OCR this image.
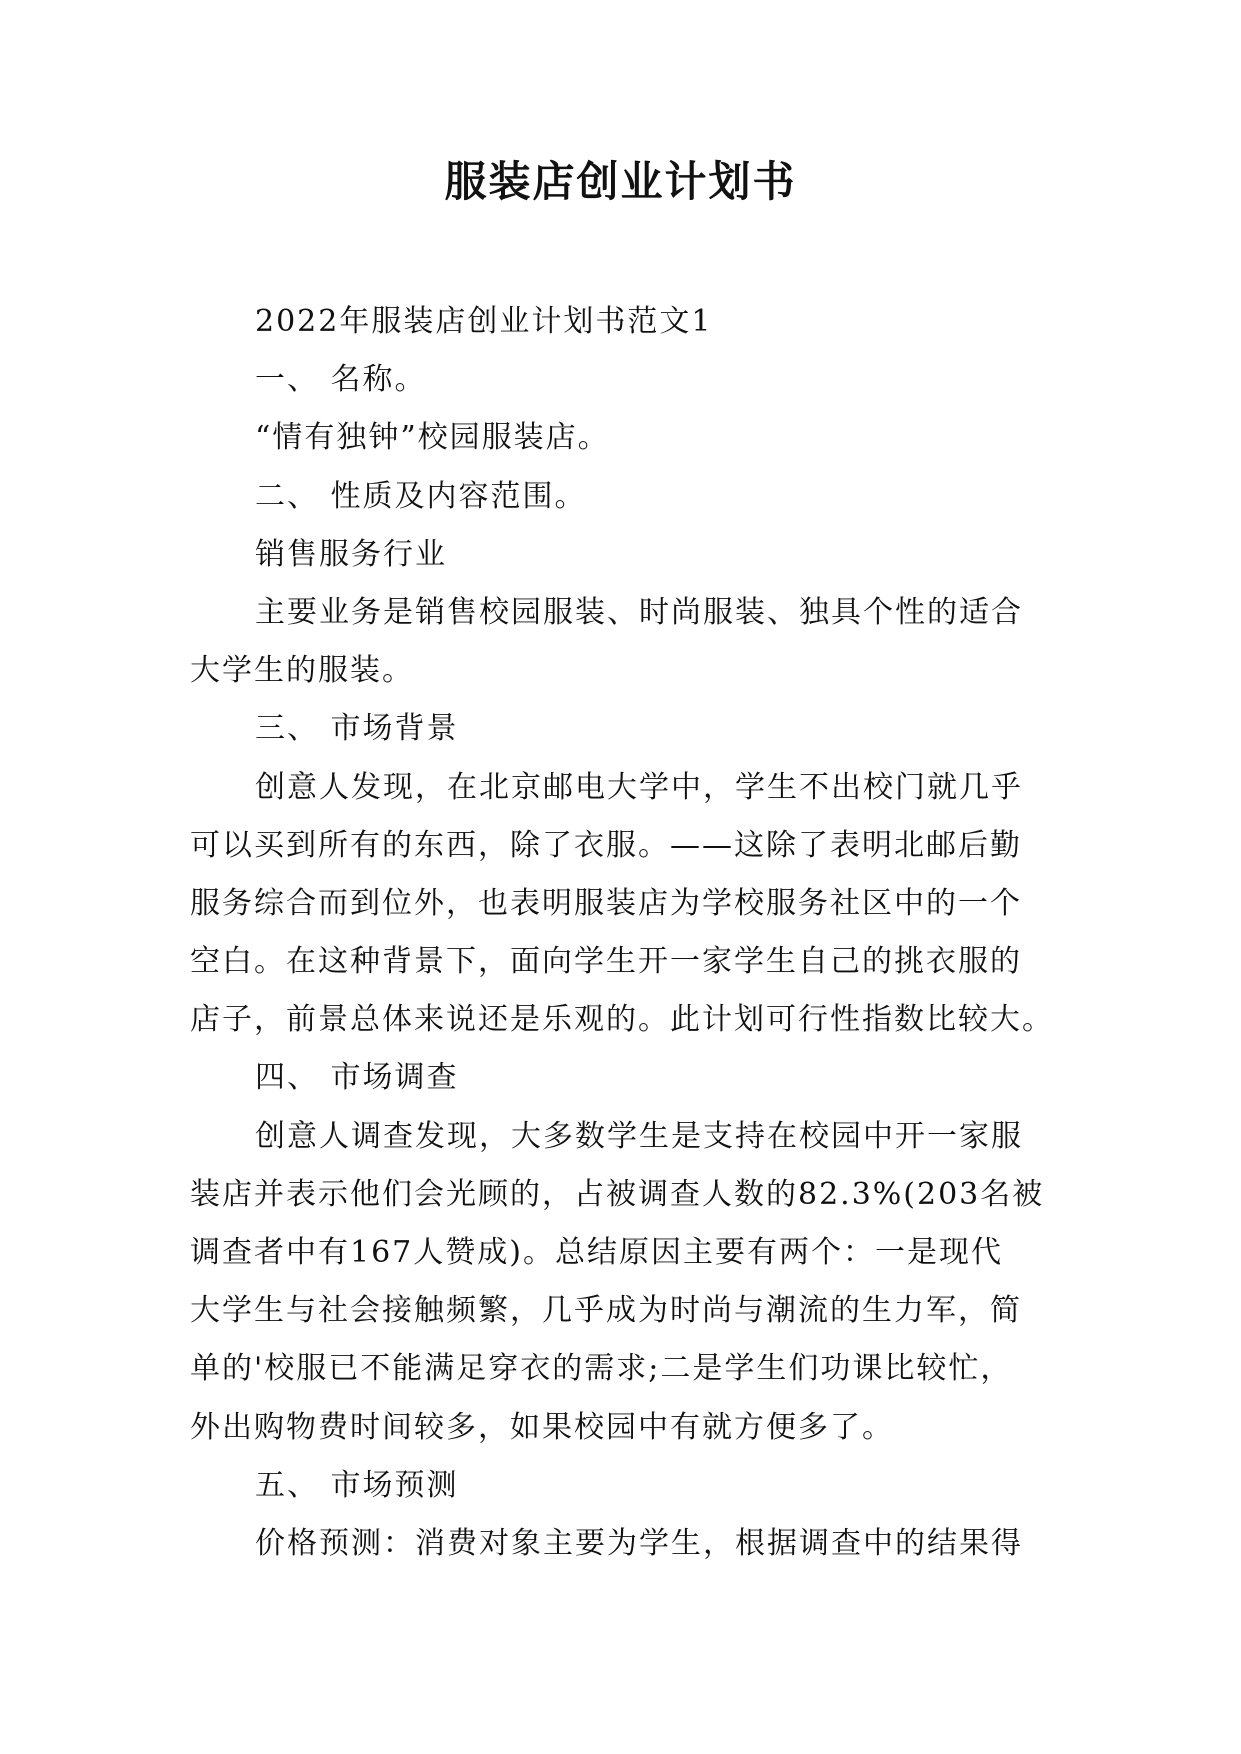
服装店创业计划书
2022年服装店创业计划书范文1
一、 名称。
“情有独钟”校园服装店。
二、 性质及内容范围。
销售服务行业
主要业务是销售校园服装、时尚服装、独具个性的适合
大学生的服装。
三、 市场背景
创意人发现，在北京邮电大学中，学生不出校门就几乎
可以买到所有的东西，除了衣服。——这除了表明北邮后勤
服务综合而到位外，也表明服装店为学校服务社区中的一个
空白。在这种背景下，面向学生开一家学生自己的挑衣服的
店子，前景总体来说还是乐观的。此计划可行性指数比较大。
四、 市场调查
创意人调查发现，大多数学生是支持在校园中开一家服
装店并表示他们会光顾的，占被调查人数的82.3%(203名被
调查者中有167人赞成)。总结原因主要有两个：一是现代
大学生与社会接触频繁，几乎成为时尚与潮流的生力军，简
单的'校服已不能满足穿衣的需求;二是学生们功课比较忙，
外出购物费时间较多，如果校园中有就方便多了。
五、 市场预测
价格预测：消费对象主要为学生，根据调查中的结果得
